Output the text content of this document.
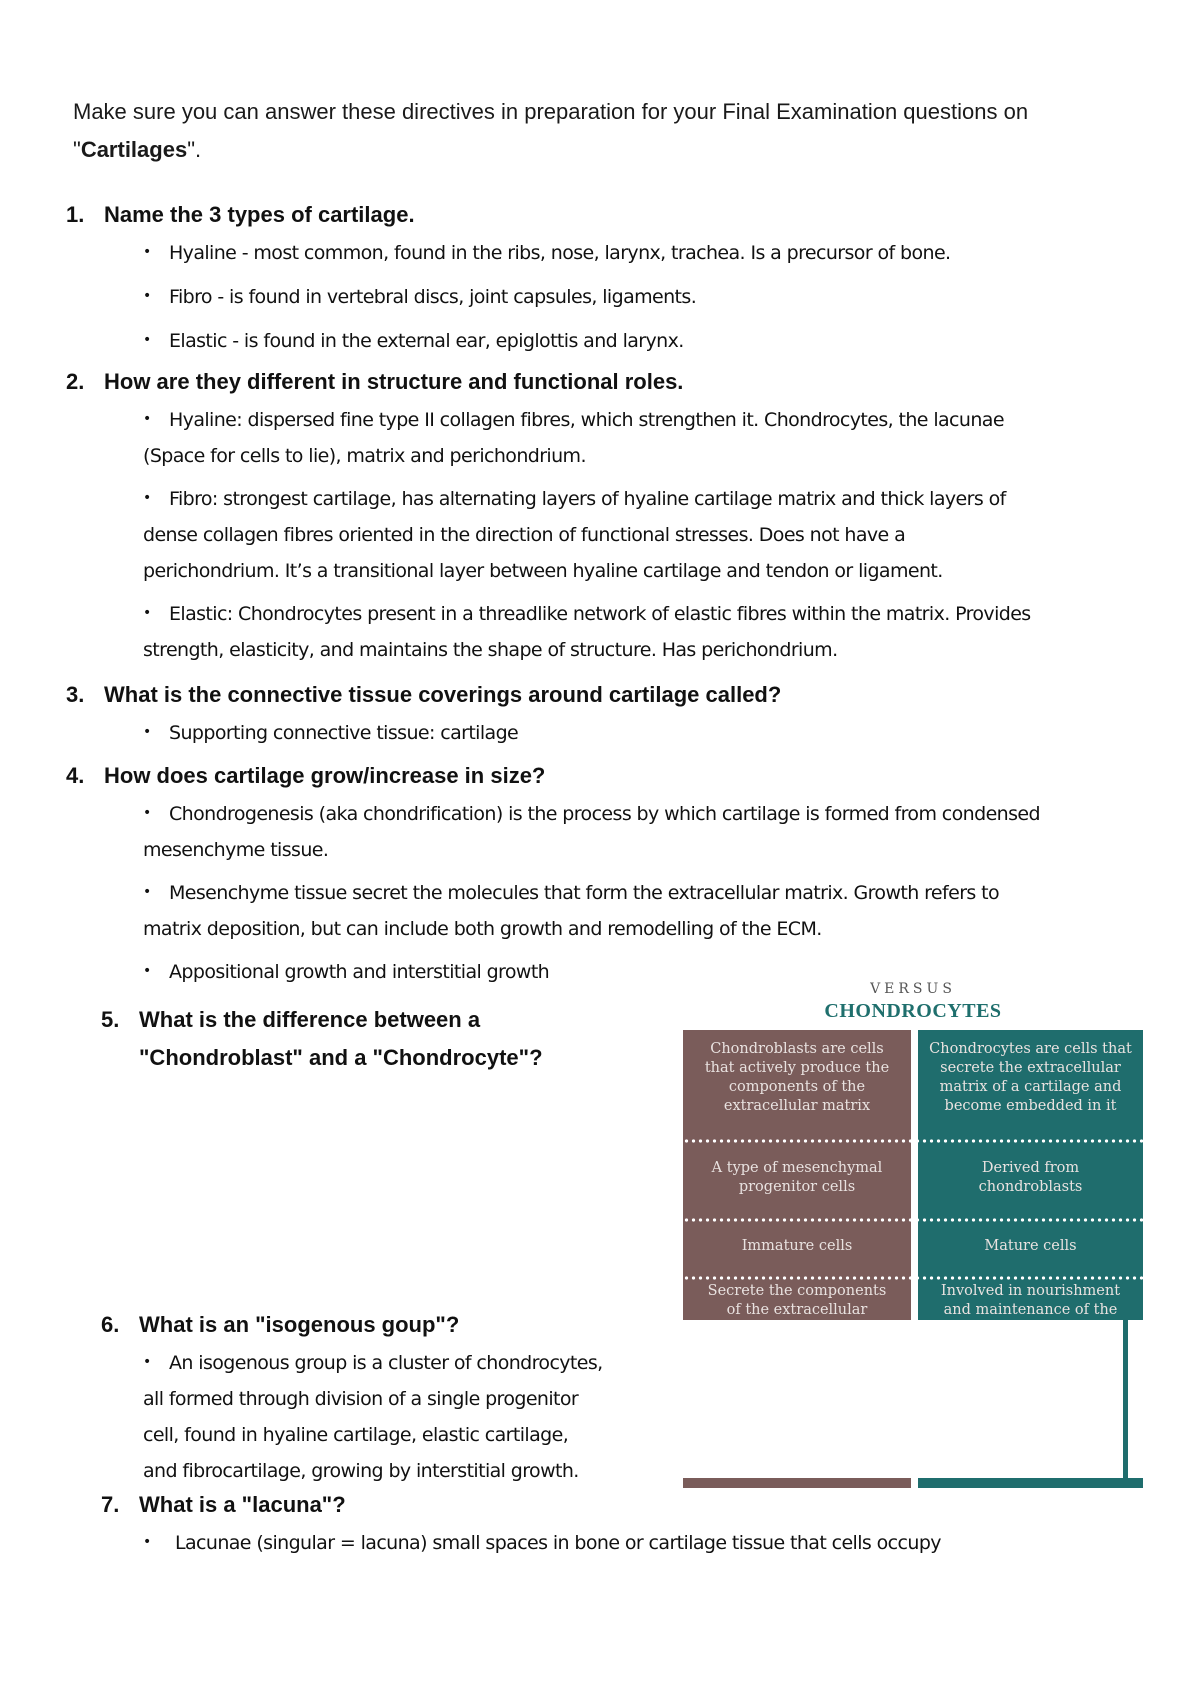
Make sure you can answer these directives in preparation for your Final Examination questions on
"Cartilages".
1. Name the 3 types of cartilage.
• Hyaline - most common, found in the ribs, nose, larynx, trachea. Is a precursor of bone.
• Fibro - is found in vertebral discs, joint capsules, ligaments.
• Elastic - is found in the external ear, epiglottis and larynx.
2. How are they different in structure and functional roles.
• Hyaline: dispersed fine type II collagen fibres, which strengthen it. Chondrocytes, the lacunae
(Space for cells to lie), matrix and perichondrium.
• Fibro: strongest cartilage, has alternating layers of hyaline cartilage matrix and thick layers of
dense collagen fibres oriented in the direction of functional stresses. Does not have a
perichondrium. It’s a transitional layer between hyaline cartilage and tendon or ligament.
• Elastic: Chondrocytes present in a threadlike network of elastic fibres within the matrix. Provides
strength, elasticity, and maintains the shape of structure. Has perichondrium.
3. What is the connective tissue coverings around cartilage called?
• Supporting connective tissue: cartilage
4. How does cartilage grow/increase in size?
• Chondrogenesis (aka chondrification) is the process by which cartilage is formed from condensed
mesenchyme tissue.
• Mesenchyme tissue secret the molecules that form the extracellular matrix. Growth refers to
matrix deposition, but can include both growth and remodelling of the ECM.
• Appositional growth and interstitial growth
5. What is the difference between a
"Chondroblast" and a "Chondrocyte"?
VERSUS
CHONDROCYTES
Chondroblasts are cells
that actively produce the
components of the
extracellular matrix
Chondrocytes are cells that
secrete the extracellular
matrix of a cartilage and
become embedded in it
A type of mesenchymal
progenitor cells
Derived from
chondroblasts
Immature cells	Mature cells
Secrete the components
of the extracellular
Involved in nourishment
and maintenance of the
6. What is an "isogenous goup"?
• An isogenous group is a cluster of chondrocytes,
all formed through division of a single progenitor
cell, found in hyaline cartilage, elastic cartilage,
and fibrocartilage, growing by interstitial growth.
7. What is a "lacuna"?
• Lacunae (singular = lacuna) small spaces in bone or cartilage tissue that cells occupy
